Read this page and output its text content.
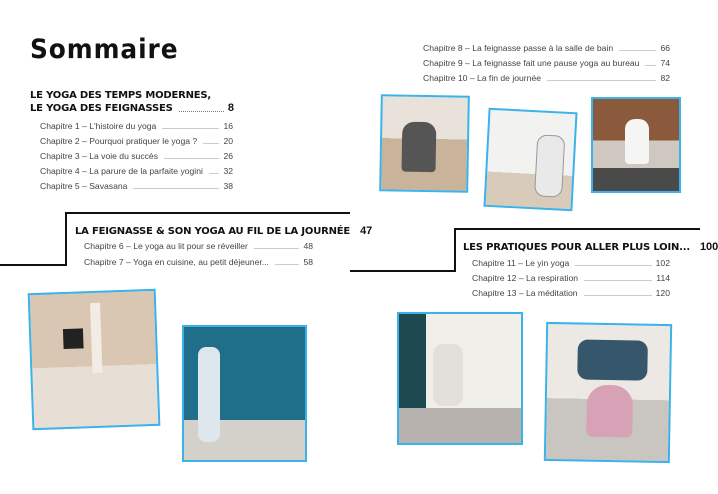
Sommaire
LE YOGA DES TEMPS MODERNES,
LE YOGA DES FEIGNASSES	8
Chapitre 1 – L'histoire du yoga	16
Chapitre 2 – Pourquoi pratiquer le yoga ?	20
Chapitre 3 – La voie du succès	26
Chapitre 4 – La parure de la parfaite yogini 32
Chapitre 5 – Savasana	38
LA FEIGNASSE & SON YOGA AU FIL DE LA JOURNÉE 47
Chapitre 6 – Le yoga au lit pour se réveiller	48
Chapitre 7 – Yoga en cuisine, au petit déjeuner...	58
Chapitre 8 – La feignasse passe à la salle de bain	66
Chapitre 9 – La feignasse fait une pause yoga au bureau 74
Chapitre 10 – La fin de journée	82
LES PRATIQUES POUR ALLER PLUS LOIN... 100
Chapitre 11 – Le yin yoga	102
Chapitre 12 – La respiration	114
Chapitre 13 – La méditation	120
